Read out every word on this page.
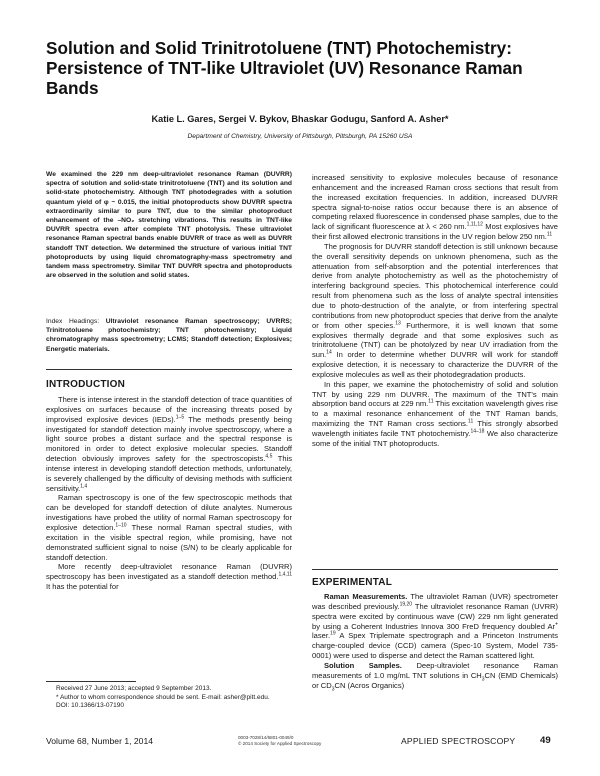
Solution and Solid Trinitrotoluene (TNT) Photochemistry: Persistence of TNT-like Ultraviolet (UV) Resonance Raman Bands
Katie L. Gares, Sergei V. Bykov, Bhaskar Godugu, Sanford A. Asher*
Department of Chemistry, University of Pittsburgh, Pittsburgh, PA 15260 USA
We examined the 229 nm deep-ultraviolet resonance Raman (DUVRR) spectra of solution and solid-state trinitrotoluene (TNT) and its solution and solid-state photochemistry. Although TNT photodegrades with a solution quantum yield of φ ~ 0.015, the initial photoproducts show DUVRR spectra extraordinarily similar to pure TNT, due to the similar photoproduct enhancement of the –NO₂ stretching vibrations. This results in TNT-like DUVRR spectra even after complete TNT photolysis. These ultraviolet resonance Raman spectral bands enable DUVRR of trace as well as DUVRR standoff TNT detection. We determined the structure of various initial TNT photoproducts by using liquid chromatography-mass spectrometry and tandem mass spectrometry. Similar TNT DUVRR spectra and photoproducts are observed in the solution and solid states.
Index Headings: Ultraviolet resonance Raman spectroscopy; UVRRS; Trinitrotoluene photochemistry; TNT photochemistry; Liquid chromatography mass spectrometry; LCMS; Standoff detection; Explosives; Energetic materials.
INTRODUCTION

There is intense interest in the standoff detection of trace quantities of explosives on surfaces because of the increasing threats posed by improvised explosive devices (IEDs).$^{1-5}$ The methods presently being investigated for standoff detection mainly involve spectroscopy, where a light source probes a distant surface and the spectral response is monitored in order to detect explosive molecular species. Standoff detection obviously improves safety for the spectroscopists.$^{4,5}$ This intense interest in developing standoff detection methods, unfortunately, is severely challenged by the difficulty of devising methods with sufficient sensitivity.$^{1,4}$

Raman spectroscopy is one of the few spectroscopic methods that can be developed for standoff detection of dilute analytes. Numerous investigations have probed the utility of normal Raman spectroscopy for explosive detection.$^{1-10}$ These normal Raman spectral studies, with excitation in the visible spectral region, while promising, have not demonstrated sufficient signal to noise (S/N) to be clearly applicable for standoff detection.

More recently deep-ultraviolet resonance Raman (DUVRR) spectroscopy has been investigated as a standoff detection method.$^{1,4,11}$ It has the potential for

Received 27 June 2013; accepted 9 September 2013.
* Author to whom correspondence should be sent. E-mail: asher@pitt.edu.
DOI: 10.1366/13-07190

increased sensitivity to explosive molecules because of resonance enhancement and the increased Raman cross sections that result from the increased excitation frequencies. In addition, increased DUVRR spectra signal-to-noise ratios occur because there is an absence of competing relaxed fluorescence in condensed phase samples, due to the lack of significant fluorescence at λ < 260 nm.$^{1,11,12}$ Most explosives have their first allowed electronic transitions in the UV region below 250 nm.$^{11}$

The prognosis for DUVRR standoff detection is still unknown because the overall sensitivity depends on unknown phenomena, such as the attenuation from self-absorption and the potential interferences that derive from analyte photochemistry as well as the photochemistry of interfering background species. This photochemical interference could result from phenomena such as the loss of analyte spectral intensities due to photo-destruction of the analyte, or from interfering spectral contributions from new photoproduct species that derive from the analyte or from other species.$^{13}$ Furthermore, it is well known that some explosives thermally degrade and that some explosives such as trinitrotoluene (TNT) can be photolyzed by near UV irradiation from the sun.$^{14}$ In order to determine whether DUVRR will work for standoff explosive detection, it is necessary to characterize the DUVRR of the explosive molecules as well as their photodegradation products.

In this paper, we examine the photochemistry of solid and solution TNT by using 229 nm DUVRR. The maximum of the TNT's main absorption band occurs at 229 nm.$^{11}$ This excitation wavelength gives rise to a maximal resonance enhancement of the TNT Raman bands, maximizing the TNT Raman cross sections.$^{11}$ This strongly absorbed wavelength initiates facile TNT photochemistry.$^{14-18}$ We also characterize some of the initial TNT photoproducts.

EXPERIMENTAL

Raman Measurements. The ultraviolet Raman (UVR) spectrometer was described previously.$^{19,20}$ The ultraviolet resonance Raman (UVRR) spectra were excited by continuous wave (CW) 229 nm light generated by using a Coherent Industries Innova 300 FreD frequency doubled Ar+ laser.$^{19}$ A Spex Triplemate spectrograph and a Princeton Instruments charge-coupled device (CCD) camera (Spec-10 System, Model 735-0001) were used to disperse and detect the Raman scattered light.

Solution Samples. Deep-ultraviolet resonance Raman measurements of 1.0 mg/mL TNT solutions in $CH_3CN$ (EMD Chemicals) or $CD_3CN$ (Acros Organics)

Volume 68, Number 1, 2014	0003-7028/14/6801-0049/0
© 2014 Society for Applied Spectroscopy	APPLIED SPECTROSCOPY	49
